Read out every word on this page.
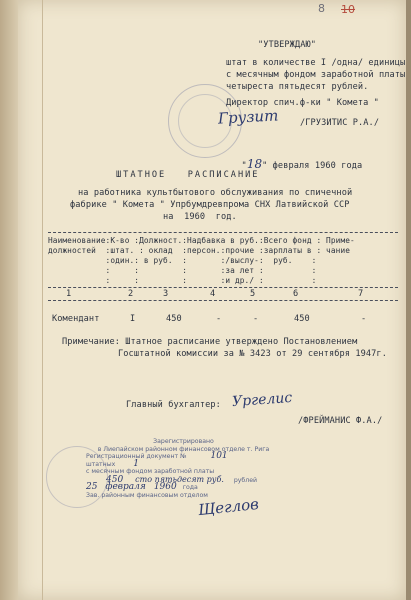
8 10
"УТВЕРЖДАЮ"
штат в количестве I /одна/ единицы
с месячным фондом заработной платы
четыреста пятьдесят рублей.
Директор спич.ф-ки " Комета "
Грузит /ГРУЗИТИС Р.А./

"18" февраля 1960 года

ШТАТНОЕ   РАСПИСАНИЕ
на работника культбытового обслуживания по спичечной
фабрике " Комета " Упрбумдревпрома СНХ Латвийской ССР
на  1960  год.
Наименование:К-во :Должност.:Надбавка в руб.:Всего фонд : Приме-
должностей  :штат. : оклад  :персон.:прочие :зарплаты в : чание
:один.: в руб.  :       :/выслу-:  руб.    :
:     :         :       :за лет :          :
:     :         :       :и др./ :          :
1	2	3	4	5	6	7
Комендант	I	450	-	-	450	-
Примечание: Штатное расписание утверждено Постановлением
Госштатной комиссии за № 3423 от 29 сентября 1947г.
Главный бухгалтер: Ургелис
/ФРЕЙМАНИС Ф.А./
Зарегистрировано
в Лиепайском районном финансовом отделе т. Рига
Регистрационный документ №	101
штатных 1
с месячным фондом заработной платы
450 сто пятьдесят руб. рублей
25 февраля 1960 года
Зав. районным финансовым отделом
Щеглов
